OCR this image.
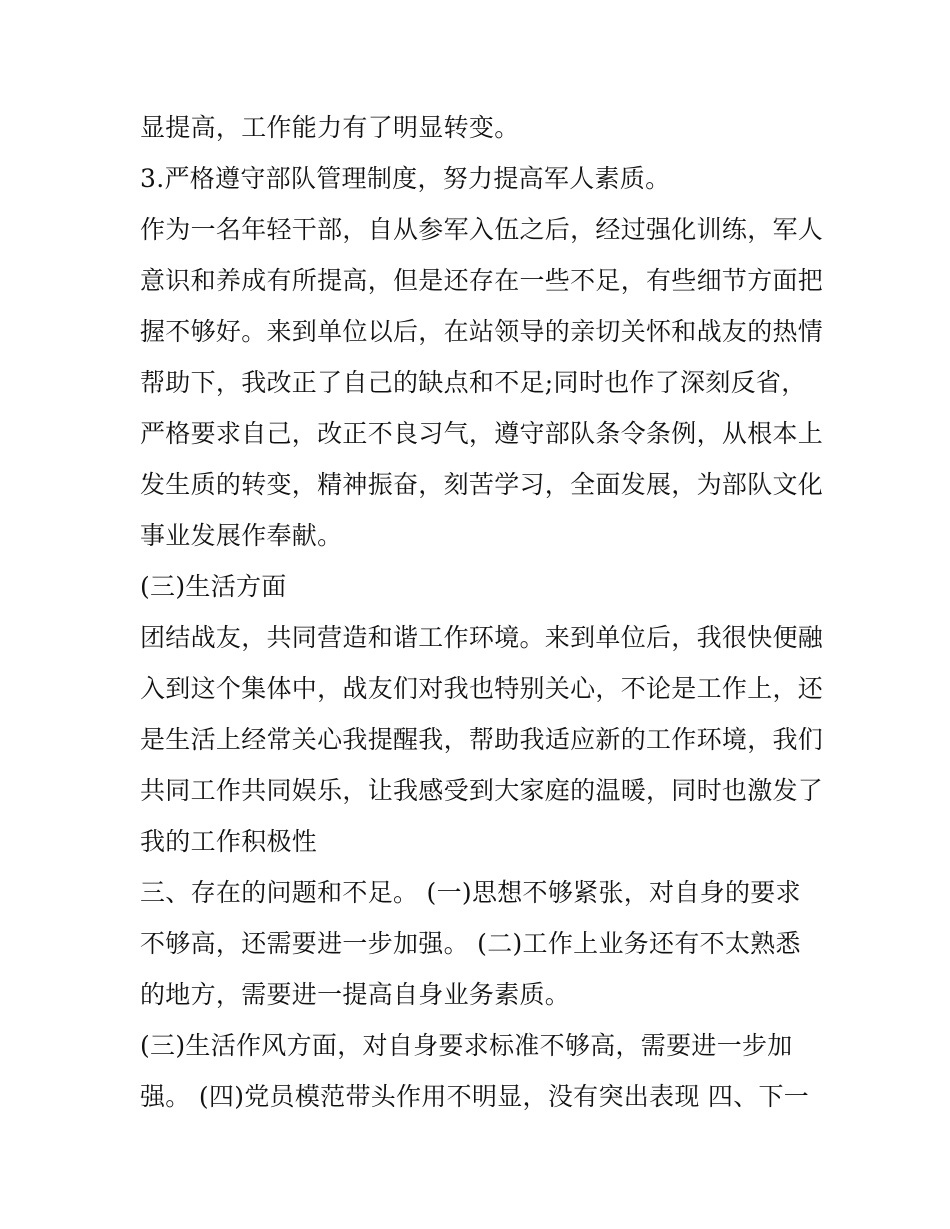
显提高，工作能力有了明显转变。
3.严格遵守部队管理制度，努力提高军人素质。
作为一名年轻干部，自从参军入伍之后，经过强化训练，军人
意识和养成有所提高，但是还存在一些不足，有些细节方面把
握不够好。来到单位以后，在站领导的亲切关怀和战友的热情
帮助下，我改正了自己的缺点和不足;同时也作了深刻反省，
严格要求自己，改正不良习气，遵守部队条令条例，从根本上
发生质的转变，精神振奋，刻苦学习，全面发展，为部队文化
事业发展作奉献。
(三)生活方面
团结战友，共同营造和谐工作环境。来到单位后，我很快便融
入到这个集体中，战友们对我也特别关心，不论是工作上，还
是生活上经常关心我提醒我，帮助我适应新的工作环境，我们
共同工作共同娱乐，让我感受到大家庭的温暖，同时也激发了
我的工作积极性
三、存在的问题和不足。 (一)思想不够紧张，对自身的要求
不够高，还需要进一步加强。 (二)工作上业务还有不太熟悉
的地方，需要进一提高自身业务素质。
(三)生活作风方面，对自身要求标准不够高，需要进一步加
强。 (四)党员模范带头作用不明显，没有突出表现 四、下一
